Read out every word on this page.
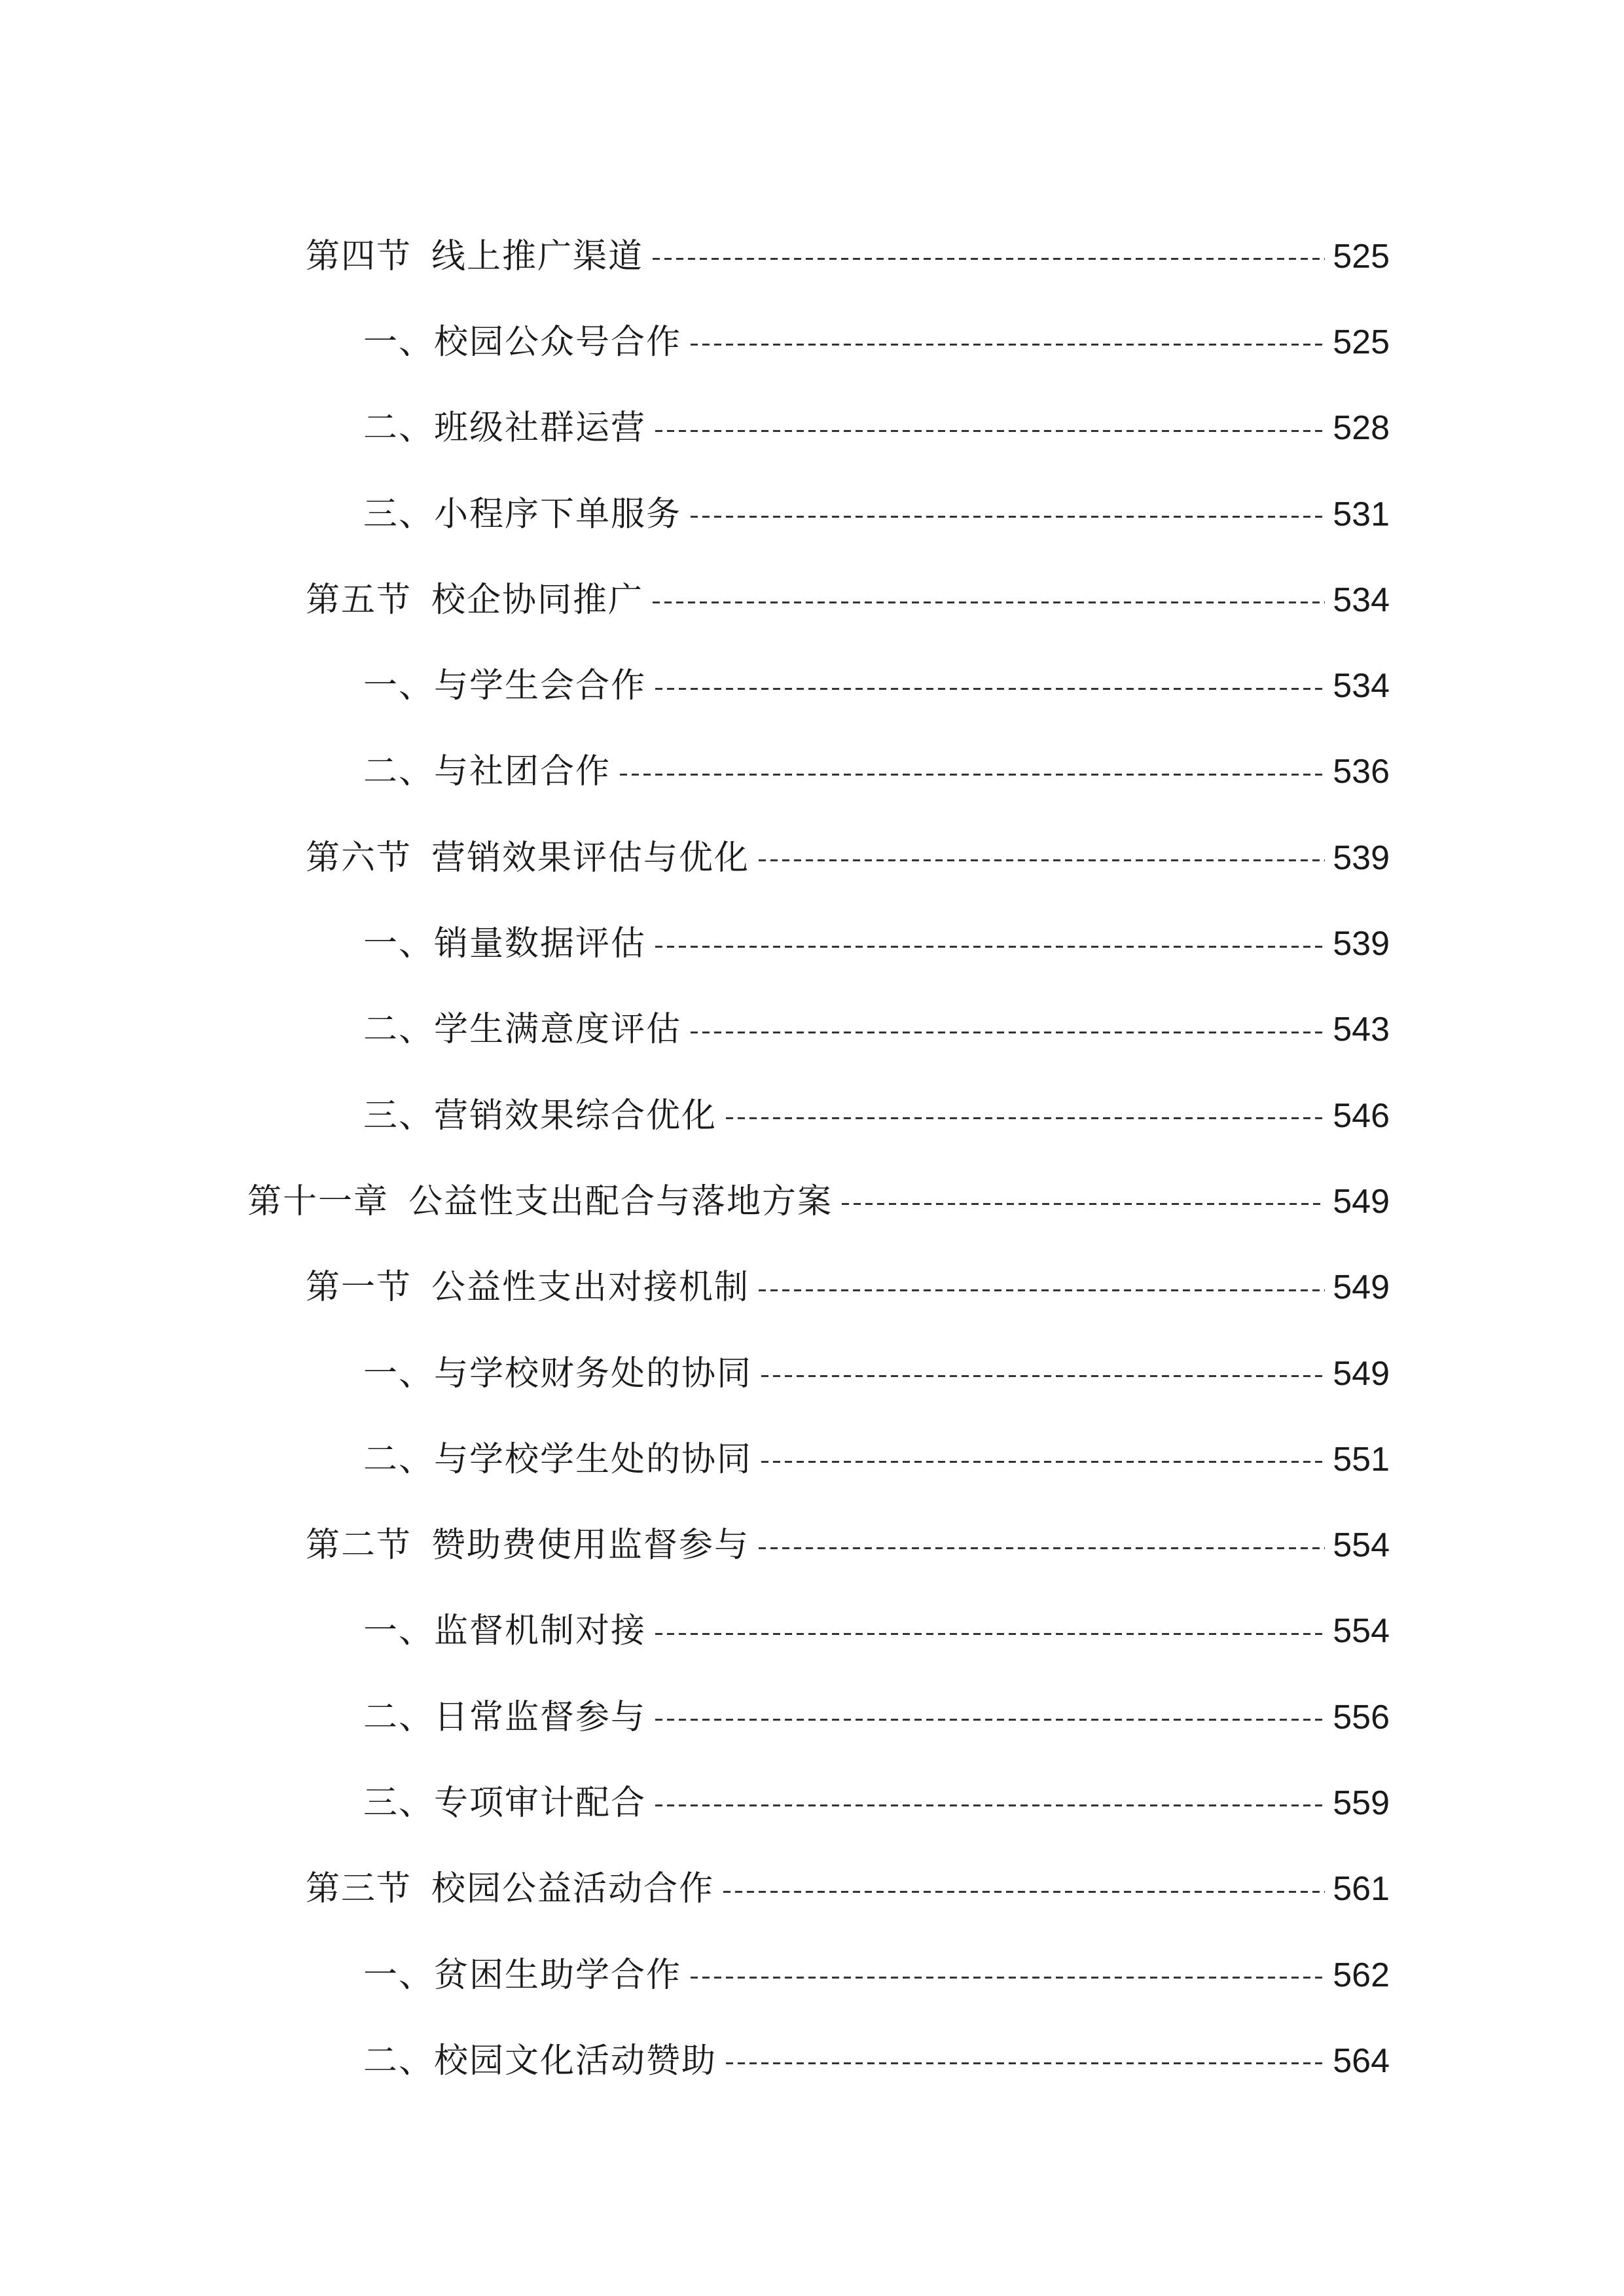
第四节 线上推广渠道	525
一、校园公众号合作	525
二、班级社群运营	528
三、小程序下单服务	531
第五节 校企协同推广	534
一、与学生会合作	534
二、与社团合作	536
第六节 营销效果评估与优化	539
一、销量数据评估	539
二、学生满意度评估	543
三、营销效果综合优化	546
第十一章 公益性支出配合与落地方案	549
第一节 公益性支出对接机制	549
一、与学校财务处的协同	549
二、与学校学生处的协同	551
第二节 赞助费使用监督参与	554
一、监督机制对接	554
二、日常监督参与	556
三、专项审计配合	559
第三节 校园公益活动合作	561
一、贫困生助学合作	562
二、校园文化活动赞助	564
